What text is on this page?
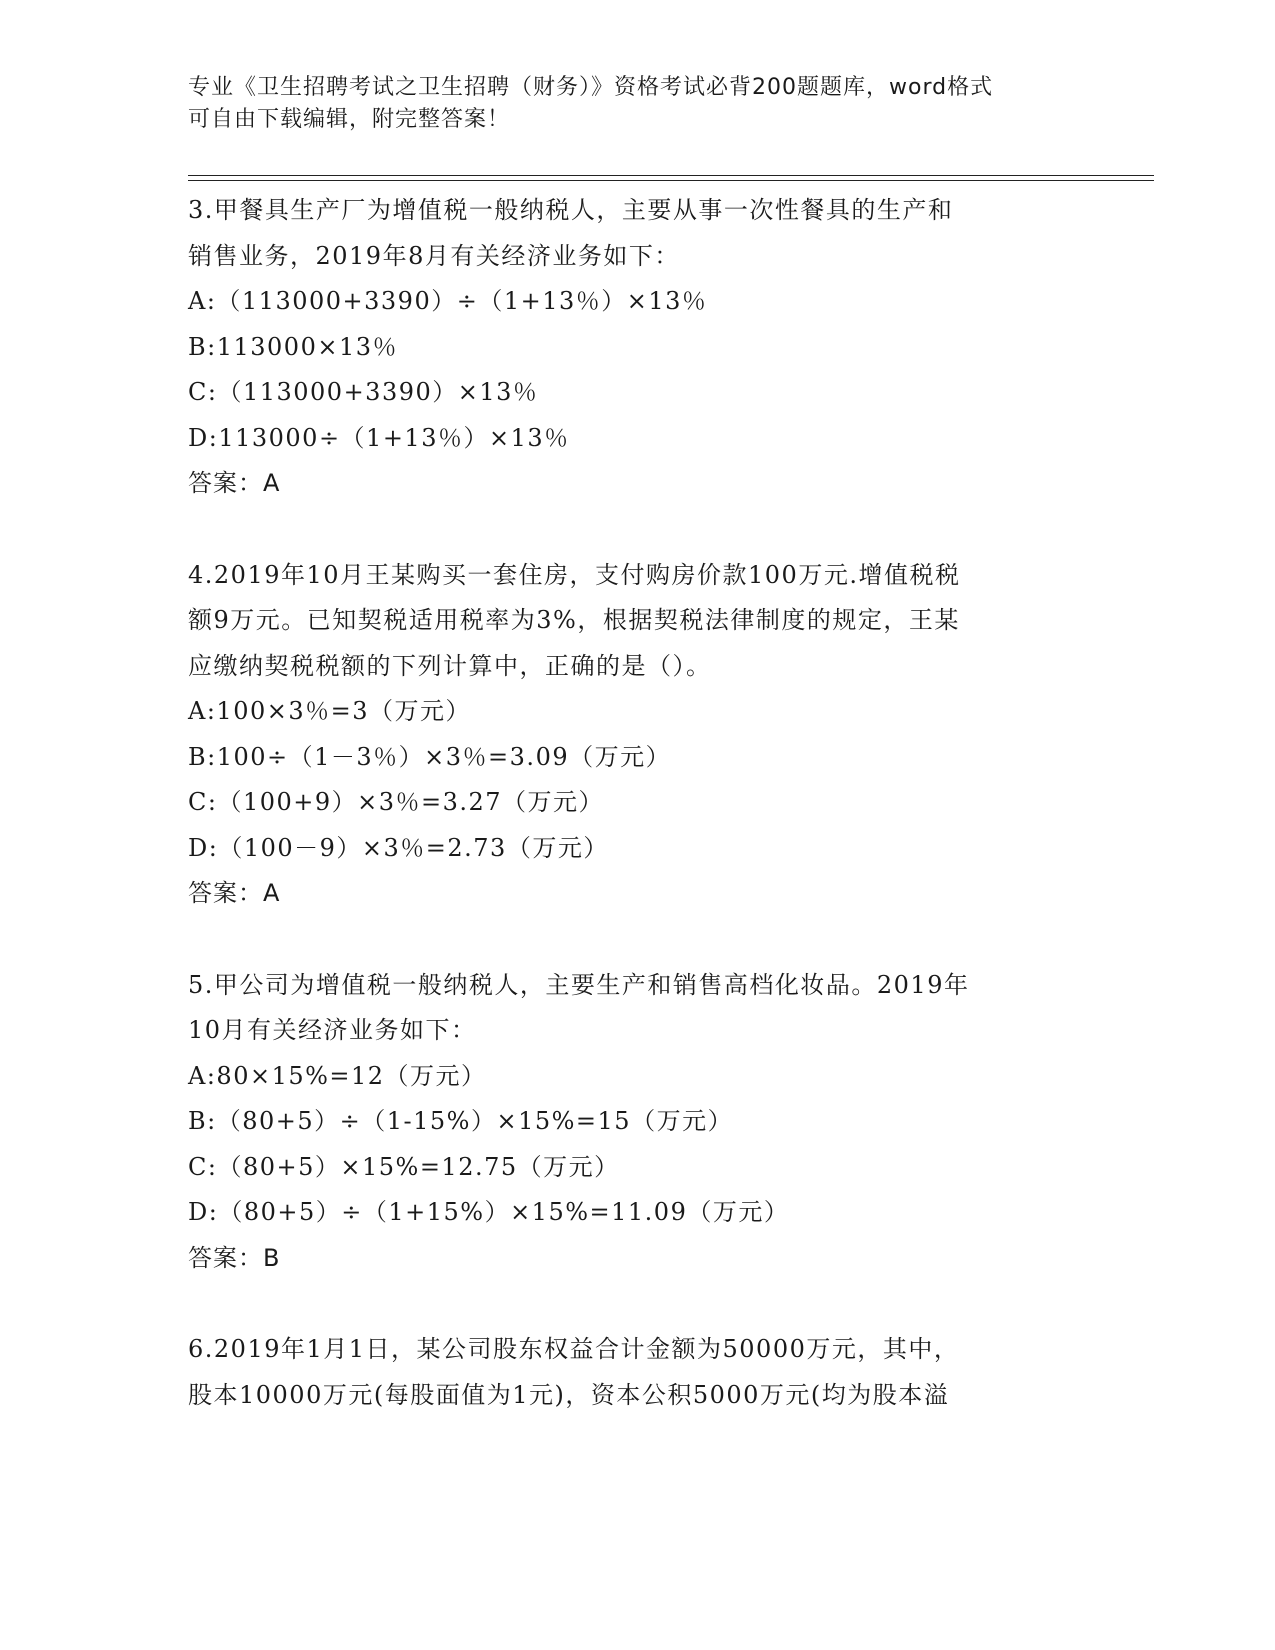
专业《卫生招聘考试之卫生招聘（财务）》资格考试必背200题题库，word格式
可自由下载编辑，附完整答案！
3.甲餐具生产厂为增值税一般纳税人，主要从事一次性餐具的生产和
销售业务，2019年8月有关经济业务如下：
A:（113000+3390）÷（1+13％）×13％
B:113000×13％
C:（113000+3390）×13％
D:113000÷（1+13％）×13％
答案：A
4.2019年10月王某购买一套住房，支付购房价款100万元.增值税税
额9万元。已知契税适用税率为3%，根据契税法律制度的规定，王某
应缴纳契税税额的下列计算中，正确的是（）。
A:100×3％=3（万元）
B:100÷（1－3％）×3％=3.09（万元）
C:（100+9）×3％=3.27（万元）
D:（100－9）×3％=2.73（万元）
答案：A
5.甲公司为增值税一般纳税人，主要生产和销售高档化妆品。2019年
10月有关经济业务如下：
A:80×15%=12（万元）
B:（80+5）÷（1-15%）×15%=15（万元）
C:（80+5）×15%=12.75（万元）
D:（80+5）÷（1+15%）×15%=11.09（万元）
答案：B
6.2019年1月1日，某公司股东权益合计金额为50000万元，其中，
股本10000万元(每股面值为1元)，资本公积5000万元(均为股本溢
